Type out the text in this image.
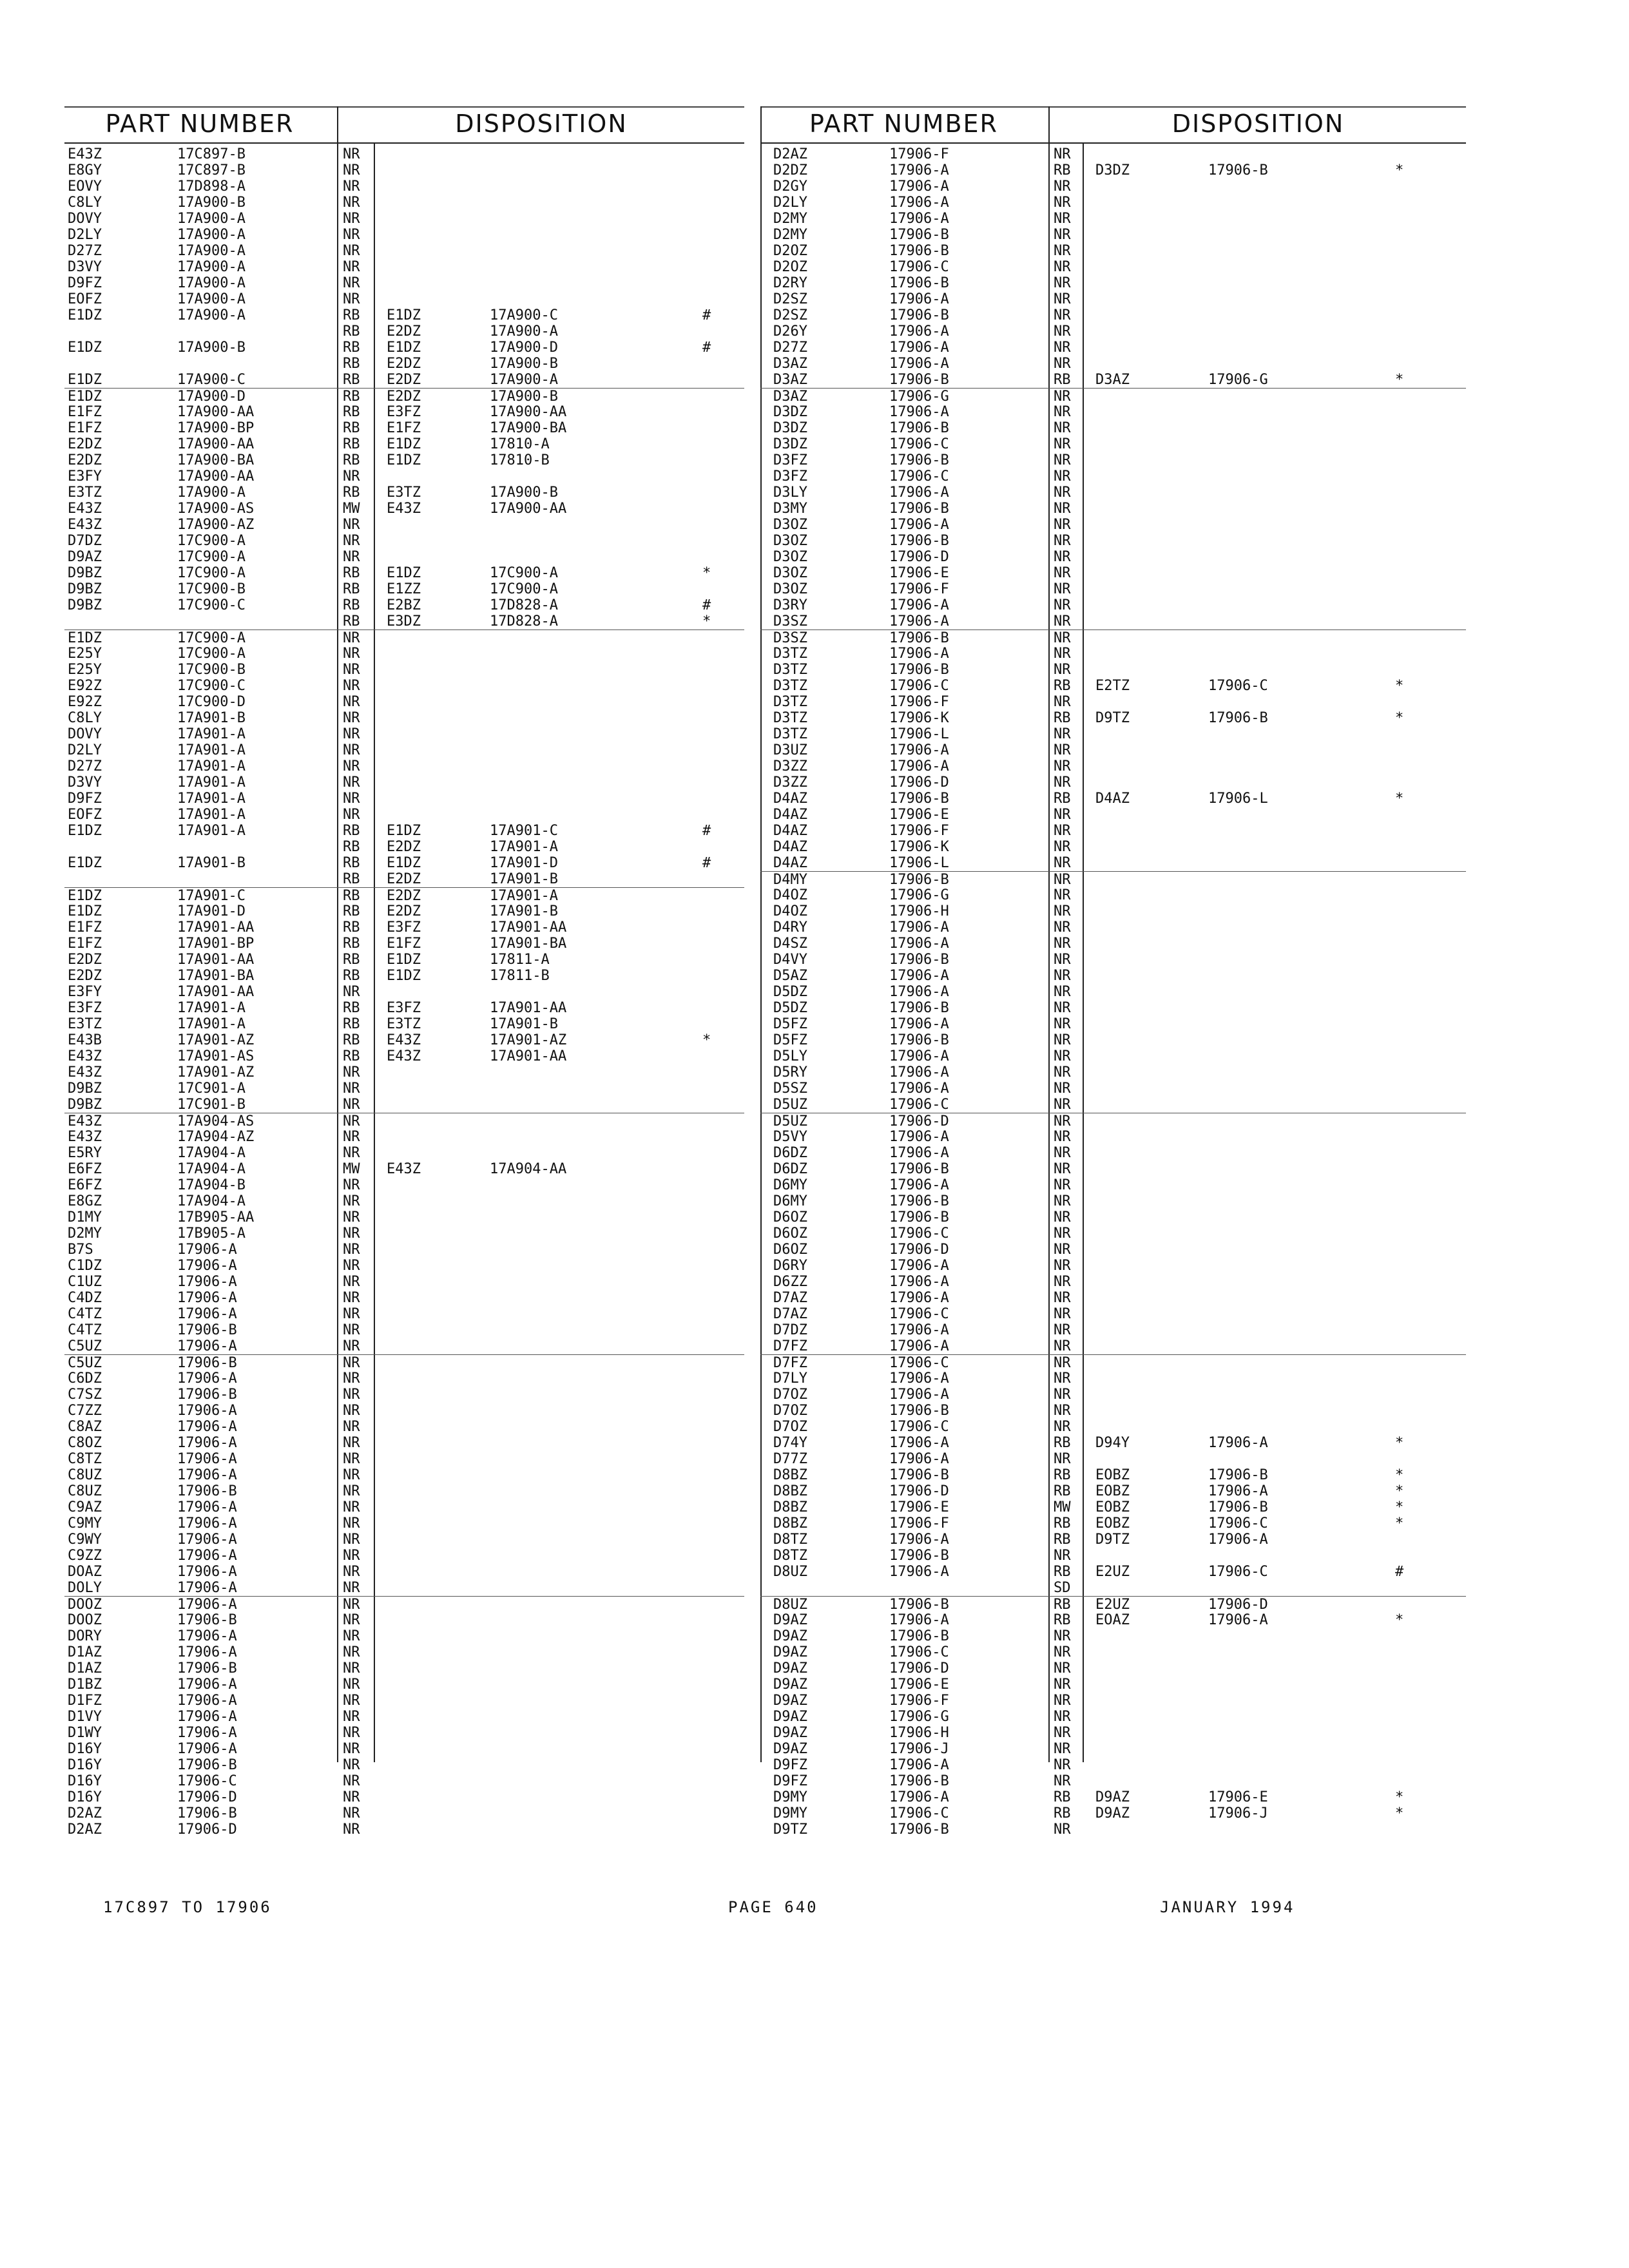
PART NUMBER	DISPOSITION
E43Z	17C897-B	NR
E8GY	17C897-B	NR
EOVY	17D898-A	NR
C8LY	17A900-B	NR
DOVY	17A900-A	NR
D2LY	17A900-A	NR
D27Z	17A900-A	NR
D3VY	17A900-A	NR
D9FZ	17A900-A	NR
EOFZ	17A900-A	NR
E1DZ	17A900-A	RB E1DZ	17A900-C	#
RB E2DZ	17A900-A
E1DZ	17A900-B	RB E1DZ	17A900-D	#
RB E2DZ	17A900-B
E1DZ	17A900-C	RB E2DZ	17A900-A
E1DZ	17A900-D	RB E2DZ	17A900-B
E1FZ	17A900-AA	RB E3FZ	17A900-AA
E1FZ	17A900-BP	RB E1FZ	17A900-BA
E2DZ	17A900-AA	RB E1DZ	17810-A
E2DZ	17A900-BA	RB E1DZ	17810-B
E3FY	17A900-AA	NR
E3TZ	17A900-A	RB E3TZ	17A900-B
E43Z	17A900-AS	MW E43Z	17A900-AA
E43Z	17A900-AZ	NR
D7DZ	17C900-A	NR
D9AZ	17C900-A	NR
D9BZ	17C900-A	RB E1DZ	17C900-A	*
D9BZ	17C900-B	RB E1ZZ	17C900-A
D9BZ	17C900-C	RB E2BZ	17D828-A	#
RB E3DZ	17D828-A	*
E1DZ	17C900-A	NR
E25Y	17C900-A	NR
E25Y	17C900-B	NR
E92Z	17C900-C	NR
E92Z	17C900-D	NR
C8LY	17A901-B	NR
DOVY	17A901-A	NR
D2LY	17A901-A	NR
D27Z	17A901-A	NR
D3VY	17A901-A	NR
D9FZ	17A901-A	NR
EOFZ	17A901-A	NR
E1DZ	17A901-A	RB E1DZ	17A901-C	#
RB E2DZ	17A901-A
E1DZ	17A901-B	RB E1DZ	17A901-D	#
RB E2DZ	17A901-B
E1DZ	17A901-C	RB E2DZ	17A901-A
E1DZ	17A901-D	RB E2DZ	17A901-B
E1FZ	17A901-AA	RB E3FZ	17A901-AA
E1FZ	17A901-BP	RB E1FZ	17A901-BA
E2DZ	17A901-AA	RB E1DZ	17811-A
E2DZ	17A901-BA	RB E1DZ	17811-B
E3FY	17A901-AA	NR
E3FZ	17A901-A	RB E3FZ	17A901-AA
E3TZ	17A901-A	RB E3TZ	17A901-B
E43B	17A901-AZ	RB E43Z	17A901-AZ	*
E43Z	17A901-AS	RB E43Z	17A901-AA
E43Z	17A901-AZ	NR
D9BZ	17C901-A	NR
D9BZ	17C901-B	NR
E43Z	17A904-AS	NR
E43Z	17A904-AZ	NR
E5RY	17A904-A	NR
E6FZ	17A904-A	MW E43Z	17A904-AA
E6FZ	17A904-B	NR
E8GZ	17A904-A	NR
D1MY	17B905-AA	NR
D2MY	17B905-A	NR
B7S	17906-A	NR
C1DZ	17906-A	NR
C1UZ	17906-A	NR
C4DZ	17906-A	NR
C4TZ	17906-A	NR
C4TZ	17906-B	NR
C5UZ	17906-A	NR
C5UZ	17906-B	NR
C6DZ	17906-A	NR
C7SZ	17906-B	NR
C7ZZ	17906-A	NR
C8AZ	17906-A	NR
C8OZ	17906-A	NR
C8TZ	17906-A	NR
C8UZ	17906-A	NR
C8UZ	17906-B	NR
C9AZ	17906-A	NR
C9MY	17906-A	NR
C9WY	17906-A	NR
C9ZZ	17906-A	NR
DOAZ	17906-A	NR
DOLY	17906-A	NR
DOOZ	17906-A	NR
DOOZ	17906-B	NR
DORY	17906-A	NR
D1AZ	17906-A	NR
D1AZ	17906-B	NR
D1BZ	17906-A	NR
D1FZ	17906-A	NR
D1VY	17906-A	NR
D1WY	17906-A	NR
D16Y	17906-A	NR
D16Y	17906-B	NR
D16Y	17906-C	NR
D16Y	17906-D	NR
D2AZ	17906-B	NR
D2AZ	17906-D	NR
PART NUMBER	DISPOSITION
D2AZ	17906-F	NR
D2DZ	17906-A	RB D3DZ	17906-B	*
D2GY	17906-A	NR
D2LY	17906-A	NR
D2MY	17906-A	NR
D2MY	17906-B	NR
D2OZ	17906-B	NR
D2OZ	17906-C	NR
D2RY	17906-B	NR
D2SZ	17906-A	NR
D2SZ	17906-B	NR
D26Y	17906-A	NR
D27Z	17906-A	NR
D3AZ	17906-A	NR
D3AZ	17906-B	RB D3AZ	17906-G	*
D3AZ	17906-G	NR
D3DZ	17906-A	NR
D3DZ	17906-B	NR
D3DZ	17906-C	NR
D3FZ	17906-B	NR
D3FZ	17906-C	NR
D3LY	17906-A	NR
D3MY	17906-B	NR
D3OZ	17906-A	NR
D3OZ	17906-B	NR
D3OZ	17906-D	NR
D3OZ	17906-E	NR
D3OZ	17906-F	NR
D3RY	17906-A	NR
D3SZ	17906-A	NR
D3SZ	17906-B	NR
D3TZ	17906-A	NR
D3TZ	17906-B	NR
D3TZ	17906-C	RB E2TZ	17906-C	*
D3TZ	17906-F	NR
D3TZ	17906-K	RB D9TZ	17906-B	*
D3TZ	17906-L	NR
D3UZ	17906-A	NR
D3ZZ	17906-A	NR
D3ZZ	17906-D	NR
D4AZ	17906-B	RB D4AZ	17906-L	*
D4AZ	17906-E	NR
D4AZ	17906-F	NR
D4AZ	17906-K	NR
D4AZ	17906-L	NR
D4MY	17906-B	NR
D4OZ	17906-G	NR
D4OZ	17906-H	NR
D4RY	17906-A	NR
D4SZ	17906-A	NR
D4VY	17906-B	NR
D5AZ	17906-A	NR
D5DZ	17906-A	NR
D5DZ	17906-B	NR
D5FZ	17906-A	NR
D5FZ	17906-B	NR
D5LY	17906-A	NR
D5RY	17906-A	NR
D5SZ	17906-A	NR
D5UZ	17906-C	NR
D5UZ	17906-D	NR
D5VY	17906-A	NR
D6DZ	17906-A	NR
D6DZ	17906-B	NR
D6MY	17906-A	NR
D6MY	17906-B	NR
D6OZ	17906-B	NR
D6OZ	17906-C	NR
D6OZ	17906-D	NR
D6RY	17906-A	NR
D6ZZ	17906-A	NR
D7AZ	17906-A	NR
D7AZ	17906-C	NR
D7DZ	17906-A	NR
D7FZ	17906-A	NR
D7FZ	17906-C	NR
D7LY	17906-A	NR
D7OZ	17906-A	NR
D7OZ	17906-B	NR
D7OZ	17906-C	NR
D74Y	17906-A	RB D94Y	17906-A	*
D77Z	17906-A	NR
D8BZ	17906-B	RB EOBZ	17906-B	*
D8BZ	17906-D	RB EOBZ	17906-A	*
D8BZ	17906-E	MW EOBZ	17906-B	*
D8BZ	17906-F	RB EOBZ	17906-C	*
D8TZ	17906-A	RB D9TZ	17906-A
D8TZ	17906-B	NR
D8UZ	17906-A	RB E2UZ	17906-C	#
SD
D8UZ	17906-B	RB E2UZ	17906-D
D9AZ	17906-A	RB EOAZ	17906-A	*
D9AZ	17906-B	NR
D9AZ	17906-C	NR
D9AZ	17906-D	NR
D9AZ	17906-E	NR
D9AZ	17906-F	NR
D9AZ	17906-G	NR
D9AZ	17906-H	NR
D9AZ	17906-J	NR
D9FZ	17906-A	NR
D9FZ	17906-B	NR
D9MY	17906-A	RB D9AZ	17906-E	*
D9MY	17906-C	RB D9AZ	17906-J	*
D9TZ	17906-B	NR
17C897 TO 17906	PAGE 640	JANUARY 1994
